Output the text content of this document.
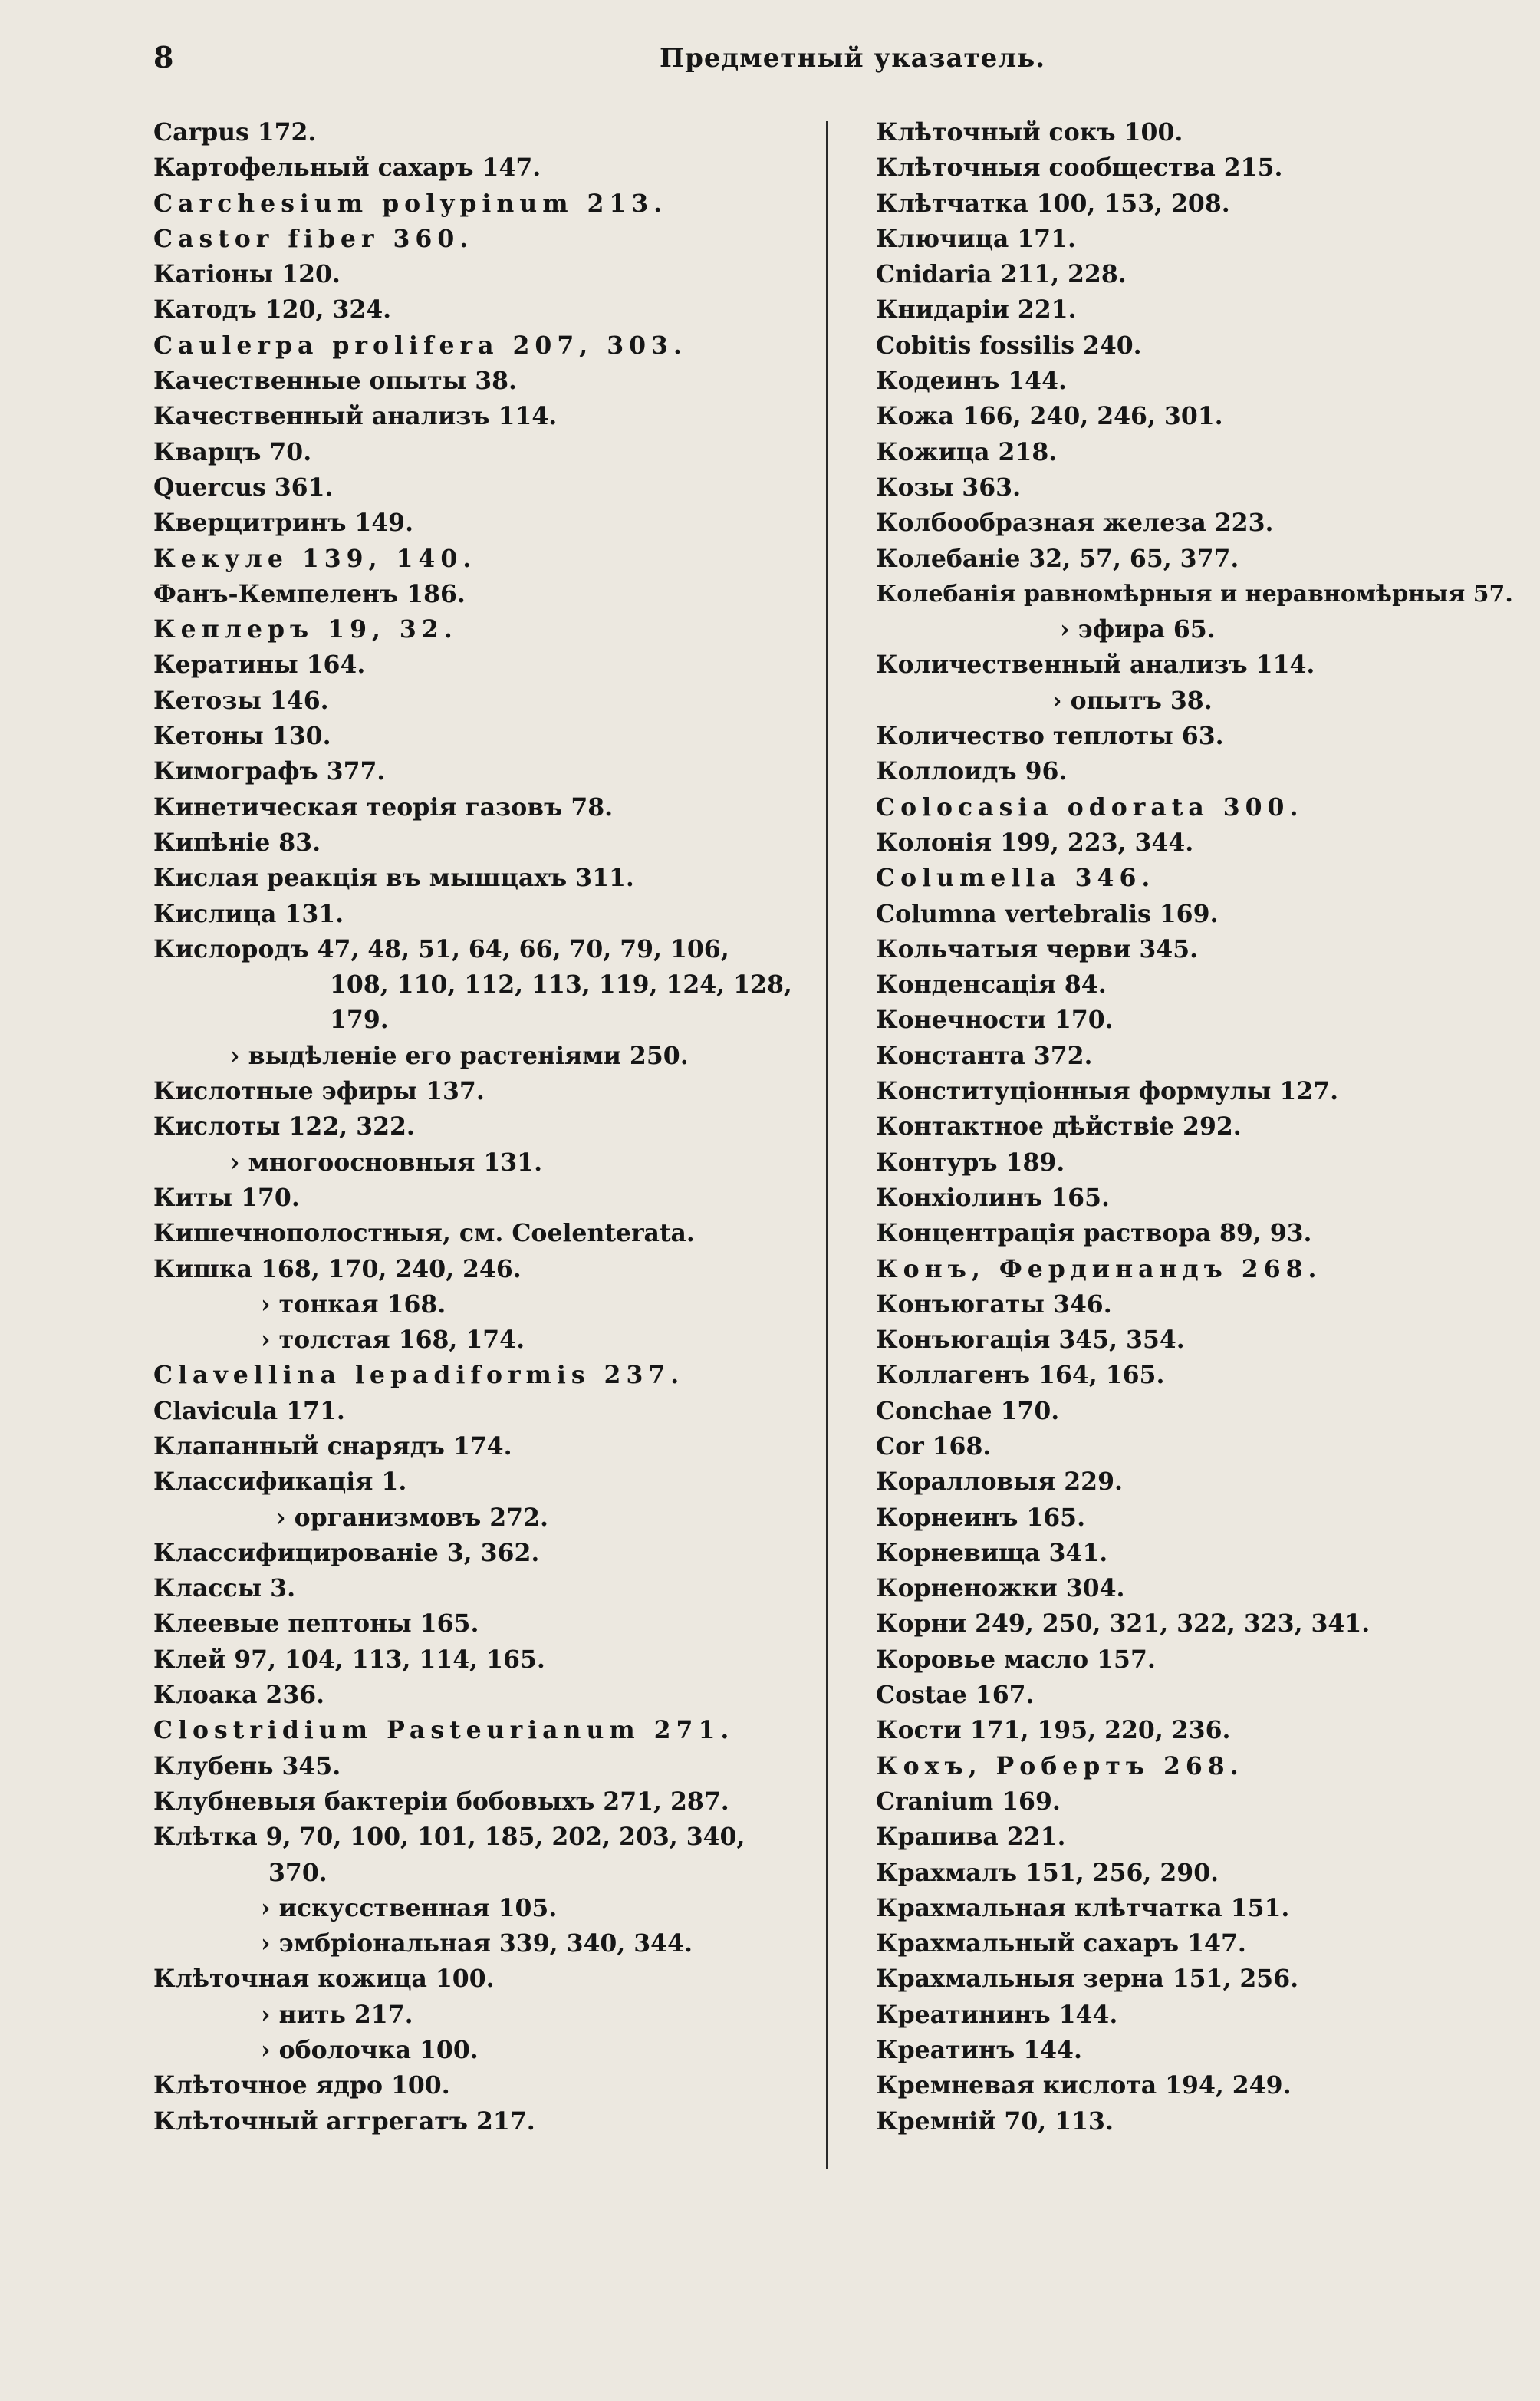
8	Предметный указатель.
Carpus 172.
Картофельный сахаръ 147.
Carchesium polypinum 213.
Castor fiber 360.
Катіоны 120.
Катодъ 120, 324.
Caulerpa prolifera 207, 303.
Качественные опыты 38.
Качественный анализъ 114.
Кварцъ 70.
Quercus 361.
Кверцитринъ 149.
Кекуле 139, 140.
Фанъ-Кемпеленъ 186.
Кеплеръ 19, 32.
Кератины 164.
Кетозы 146.
Кетоны 130.
Кимографъ 377.
Кинетическая теорія газовъ 78.
Кипѣніе 83.
Кислая реакція въ мышцахъ 311.
Кислица 131.
Кислородъ 47, 48, 51, 64, 66, 70, 79, 106,
108, 110, 112, 113, 119, 124, 128,
179.
› выдѣленіе его растеніями 250.
Кислотные эфиры 137.
Кислоты 122, 322.
› многоосновныя 131.
Киты 170.
Кишечнополостныя, см. Coelenterata.
Кишка 168, 170, 240, 246.
› тонкая 168.
› толстая 168, 174.
Clavellina lepadiformis 237.
Clavicula 171.
Клапанный снарядъ 174.
Классификація 1.
› организмовъ 272.
Классифицированіе 3, 362.
Классы 3.
Клеевые пептоны 165.
Клей 97, 104, 113, 114, 165.
Клоака 236.
Clostridium Pasteurianum 271.
Клубень 345.
Клубневыя бактеріи бобовыхъ 271, 287.
Клѣтка 9, 70, 100, 101, 185, 202, 203, 340,
370.
› искусственная 105.
› эмбріональная 339, 340, 344.
Клѣточная кожица 100.
› нить 217.
› оболочка 100.
Клѣточное ядро 100.
Клѣточный аггрегатъ 217.
Клѣточный сокъ 100.
Клѣточныя сообщества 215.
Клѣтчатка 100, 153, 208.
Ключица 171.
Cnidaria 211, 228.
Книдаріи 221.
Cobitis fossilis 240.
Кодеинъ 144.
Кожа 166, 240, 246, 301.
Кожица 218.
Козы 363.
Колбообразная железа 223.
Колебаніе 32, 57, 65, 377.
Колебанія равномѣрныя и неравномѣрныя 57.
› эфира 65.
Количественный анализъ 114.
› опытъ 38.
Количество теплоты 63.
Коллоидъ 96.
Colocasia odorata 300.
Колонія 199, 223, 344.
Columella 346.
Columna vertebralis 169.
Кольчатыя черви 345.
Конденсація 84.
Конечности 170.
Константа 372.
Конституціонныя формулы 127.
Контактное дѣйствіе 292.
Контуръ 189.
Конхіолинъ 165.
Концентрація раствора 89, 93.
Конъ, Фердинандъ 268.
Конъюгаты 346.
Конъюгація 345, 354.
Коллагенъ 164, 165.
Conchae 170.
Cor 168.
Коралловыя 229.
Корнеинъ 165.
Корневища 341.
Корненожки 304.
Корни 249, 250, 321, 322, 323, 341.
Коровье масло 157.
Costae 167.
Кости 171, 195, 220, 236.
Кохъ, Робертъ 268.
Cranium 169.
Крапива 221.
Крахмалъ 151, 256, 290.
Крахмальная клѣтчатка 151.
Крахмальный сахаръ 147.
Крахмальныя зерна 151, 256.
Креатининъ 144.
Креатинъ 144.
Кремневая кислота 194, 249.
Кремній 70, 113.
